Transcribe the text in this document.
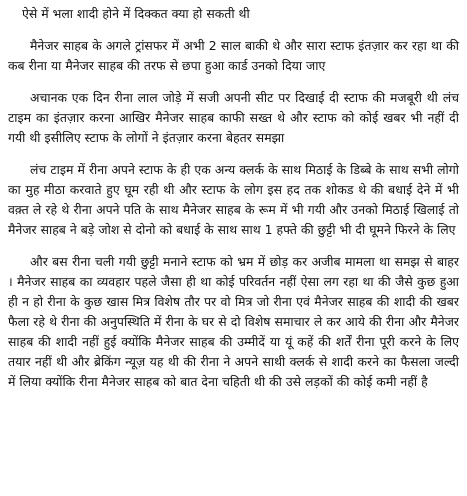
ऐसे में भला शादी होने में दिक्कत क्या हो सकती थी

मैनेजर साहब के अगले ट्रांसफर में अभी 2 साल बाकी थे और सारा स्टाफ इंतज़ार कर रहा था की कब रीना या मैनेजर साहब की तरफ से छपा हुआ कार्ड उनको दिया जाए

अचानक एक दिन रीना लाल जोड़े में सजी अपनी सीट पर दिखाई दी स्टाफ की मजबूरी थी लंच टाइम का इंतज़ार करना आखिर मैनेजर साहब काफी सख्त थे और स्टाफ को कोई खबर भी नहीं दी गयी थी इसीलिए स्टाफ के लोगों ने इंतज़ार करना बेहतर समझा

लंच टाइम में रीना अपने स्टाफ के ही एक अन्य क्लर्क के साथ मिठाई के डिब्बे के साथ सभी लोगो का मुह मीठा करवाते हुए घूम रही थी और स्टाफ के लोग इस हद तक शोकड थे की बधाई देने में भी वक़्त ले रहे थे रीना अपने पति के साथ मैनेजर साहब के रूम में भी गयी और उनको मिठाई खिलाई तो मैनेजर साहब ने बड़े जोश से दोनो को बधाई के साथ साथ 1 हफ्ते की छुट्टी भी दी घूमने फिरने के लिए

और बस रीना चली गयी छुट्टी मनाने स्टाफ को भ्रम में छोड़ कर अजीब मामला था समझ से बाहर । मैनेजर साहब का व्यवहार पहले जैसा ही था कोई परिवर्तन नहीं ऐसा लग रहा था की जैसे कुछ हुआ ही न हो रीना के कुछ खास मित्र विशेष तौर पर वो मित्र जो रीना एवं मैनेजर साहब की शादी की खबर फैला रहे थे रीना की अनुपस्थिति में रीना के घर से दो विशेष समाचार ले कर आये की रीना और मैनेजर साहब की शादी नहीं हुई क्योंकि मैनेजर साहब की उम्मीदें या यूं कहें की शर्तें रीना पूरी करने के लिए तयार नहीं थी और ब्रेकिंग न्यूज़ यह थी की रीना ने अपने साथी क्लर्क से शादी करने का फैसला जल्दी में लिया क्योंकि रीना मैनेजर साहब को बात देना चहिती थी की उसे लड़कों की कोई कमी नहीं है
